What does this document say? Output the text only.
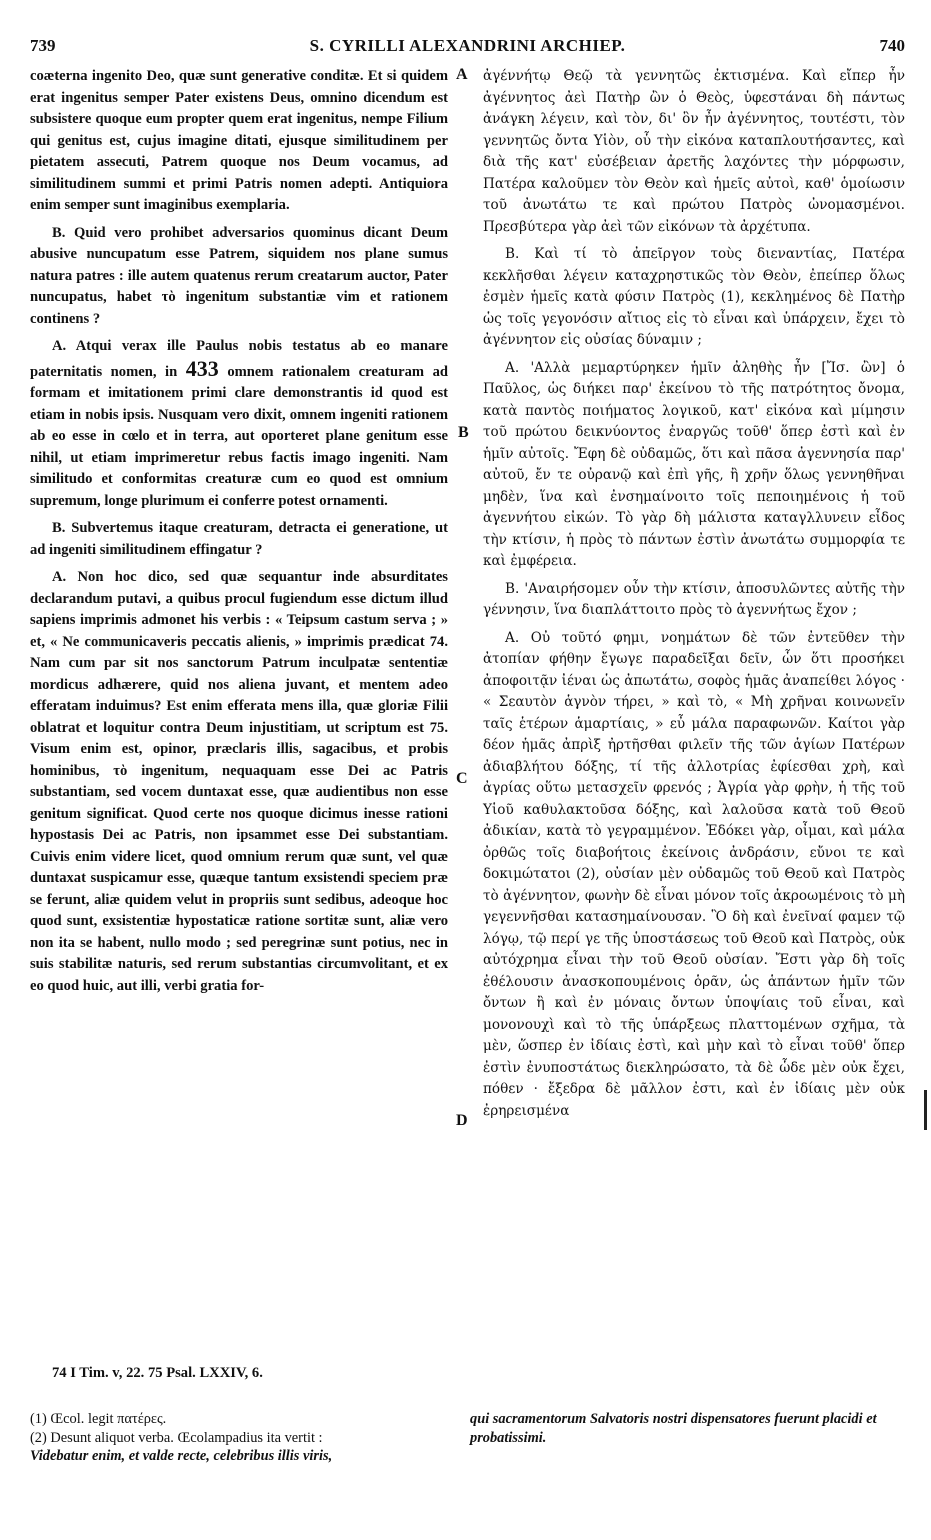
739	S. CYRILLI ALEXANDRINI ARCHIEP.	740

coæterna ingenito Deo, quæ sunt generative conditæ. Et si quidem erat ingenitus semper Pater existens Deus, omnino dicendum est subsistere quoque eum propter quem erat ingenitus, nempe Filium qui genitus est, cujus imagine ditati, ejusque similitudinem per pietatem assecuti, Patrem quoque nos Deum vocamus, ad similitudinem summi et primi Patris nomen adepti. Antiquiora enim semper sunt imaginibus exemplaria.

B. Quid vero prohibet adversarios quominus dicant Deum abusive nuncupatum esse Patrem, siquidem nos plane sumus natura patres : ille autem quatenus rerum creatarum auctor, Pater nuncupatus, habet τὸ ingenitum substantiæ vim et rationem continens ?

A. Atqui verax ille Paulus nobis testatus ab eo manare paternitatis nomen, in 433 omnem rationalem creaturam ad formam et imitationem primi clare demonstrantis id quod est etiam in nobis ipsis. Nusquam vero dixit, omnem ingeniti rationem ab eo esse in cœlo et in terra, aut oporteret plane genitum esse nihil, ut etiam imprimeretur rebus factis imago ingeniti. Nam similitudo et conformitas creaturæ cum eo quod est omnium supremum, longe plurimum ei conferre potest ornamenti.

B. Subvertemus itaque creaturam, detracta ei generatione, ut ad ingeniti similitudinem effingatur ?

A. Non hoc dico, sed quæ sequantur inde absurditates declarandum putavi, a quibus procul fugiendum esse dictum illud sapiens imprimis admonet his verbis : « Teipsum castum serva ; » et, « Ne communicaveris peccatis alienis, » imprimis prædicat 74. Nam cum par sit nos sanctorum Patrum inculpatæ sententiæ mordicus adhærere, quid nos aliena juvant, et mentem adeo efferatam induimus? Est enim efferata mens illa, quæ gloriæ Filii oblatrat et loquitur contra Deum injustitiam, ut scriptum est 75. Visum enim est, opinor, præclaris illis, sagacibus, et probis hominibus, τὸ ingenitum, nequaquam esse Dei ac Patris substantiam, sed vocem duntaxat esse, quæ audientibus non esse genitum significat. Quod certe nos quoque dicimus inesse rationi hypostasis Dei ac Patris, non ipsammet esse Dei substantiam. Cuivis enim videre licet, quod omnium rerum quæ sunt, vel quæ duntaxat suspicamur esse, quæque tantum exsistendi speciem præ se ferunt, aliæ quidem velut in propriis sunt sedibus, adeoque hoc quod sunt, exsistentiæ hypostaticæ ratione sortitæ sunt, aliæ vero non ita se habent, nullo modo ; sed peregrinæ sunt potius, nec in suis stabilitæ naturis, sed rerum substantias circumvolitant, et ex eo quod huic, aut illi, verbi gratia for-

A
B
C
D

ἀγέννήτῳ Θεῷ τὰ γεννητῶς ἐκτισμένα. Καὶ εἴπερ ἦν ἀγέννητος ἀεὶ Πατὴρ ὢν ὁ Θεὸς, ὑφεστάναι δὴ πάντως ἀνάγκη λέγειν, καὶ τὸν, δι' ὃν ἦν ἀγέννητος, τουτέστι, τὸν γεννητῶς ὄντα Υἱὸν, οὗ τὴν εἰκόνα καταπλουτήσαντες, καὶ διὰ τῆς κατ' εὐσέβειαν ἀρετῆς λαχόντες τὴν μόρφωσιν, Πατέρα καλοῦμεν τὸν Θεὸν καὶ ἡμεῖς αὐτοὶ, καθ' ὁμοίωσιν τοῦ ἀνωτάτω τε καὶ πρώτου Πατρὸς ὠνομασμένοι. Πρεσβύτερα γὰρ ἀεὶ τῶν εἰκόνων τὰ ἀρχέτυπα.

Β. Καὶ τί τὸ ἀπεῖργον τοὺς διεναντίας, Πατέρα κεκλῆσθαι λέγειν καταχρηστικῶς τὸν Θεὸν, ἐπείπερ ὅλως ἐσμὲν ἡμεῖς κατὰ φύσιν Πατρὸς (1), κεκλημένος δὲ Πατὴρ ὡς τοῖς γεγονόσιν αἴτιος εἰς τὸ εἶναι καὶ ὑπάρχειν, ἔχει τὸ ἀγέννητον εἰς οὐσίας δύναμιν ;

Α. 'Αλλὰ μεμαρτύρηκεν ἡμῖν ἀληθὴς ἦν [Ἴσ. ὢν] ὁ Παῦλος, ὡς διήκει παρ' ἐκείνου τὸ τῆς πατρότητος ὄνομα, κατὰ παντὸς ποιήματος λογικοῦ, κατ' εἰκόνα καὶ μίμησιν τοῦ πρώτου δεικνύοντος ἐναργῶς τοῦθ' ὅπερ ἐστὶ καὶ ἐν ἡμῖν αὐτοῖς. Ἔφη δὲ οὐδαμῶς, ὅτι καὶ πᾶσα ἀγεννησία παρ' αὐτοῦ, ἔν τε οὐρανῷ καὶ ἐπὶ γῆς, ἢ χρῆν ὅλως γεννηθῆναι μηδὲν, ἵνα καὶ ἐνσημαίνοιτο τοῖς πεποιημένοις ἡ τοῦ ἀγεννήτου εἰκών. Τὸ γὰρ δὴ μάλιστα καταγλλυνειν εἶδος τὴν κτίσιν, ἡ πρὸς τὸ πάντων ἐστὶν ἀνωτάτω συμμορφία τε καὶ ἐμφέρεια.

Β. 'Αναιρήσομεν οὖν τὴν κτίσιν, ἀποσυλῶντες αὐτῆς τὴν γέννησιν, ἵνα διαπλάττοιτο πρὸς τὸ ἀγεννήτως ἔχον ;

Α. Οὐ τοῦτό φημι, νοημάτων δὲ τῶν ἐντεῦθεν τὴν ἀτοπίαν φήθην ἔγωγε παραδεῖξαι δεῖν, ὧν ὅτι προσήκει ἀποφοιτᾷν ἰέναι ὡς ἀπωτάτω, σοφὸς ἡμᾶς ἀναπείθει λόγος · « Σεαυτὸν ἁγνὸν τήρει, » καὶ τὸ, « Μὴ χρῆναι κοινωνεῖν ταῖς ἑτέρων ἁμαρτίαις, » εὖ μάλα παραφωνῶν. Καίτοι γὰρ δέον ἡμᾶς ἀπρὶξ ἠρτῆσθαι φιλεῖν τῆς τῶν ἁγίων Πατέρων ἀδιαβλήτου δόξης, τί τῆς ἀλλοτρίας ἐφίεσθαι χρὴ, καὶ ἀγρίας οὕτω μετασχεῖν φρενός ; Ἀγρία γὰρ φρὴν, ἡ τῆς τοῦ Υἱοῦ καθυλακτοῦσα δόξης, καὶ λαλοῦσα κατὰ τοῦ Θεοῦ ἀδικίαν, κατὰ τὸ γεγραμμένον. Ἐδόκει γὰρ, οἶμαι, καὶ μάλα ὀρθῶς τοῖς διαβοήτοις ἐκείνοις ἀνδράσιν, εὔνοι τε καὶ δοκιμώτατοι (2), οὐσίαν μὲν οὐδαμῶς τοῦ Θεοῦ καὶ Πατρὸς τὸ ἀγέννητον, φωνὴν δὲ εἶναι μόνον τοῖς ἀκροωμένοις τὸ μὴ γεγεννῆσθαι κατασημαίνουσαν. Ὃ δὴ καὶ ἐνεῖναί φαμεν τῷ λόγῳ, τῷ περί γε τῆς ὑποστάσεως τοῦ Θεοῦ καὶ Πατρὸς, οὐκ αὐτόχρημα εἶναι τὴν τοῦ Θεοῦ οὐσίαν. Ἔστι γὰρ δὴ τοῖς ἐθέλουσιν ἀνασκοπουμένοις ὁρᾶν, ὡς ἁπάντων ἡμῖν τῶν ὄντων ἢ καὶ ἐν μόναις ὄντων ὑποψίαις τοῦ εἶναι, καὶ μονονουχὶ καὶ τὸ τῆς ὑπάρξεως πλαττομένων σχῆμα, τὰ μὲν, ὥσπερ ἐν ἰδίαις ἐστὶ, καὶ μὴν καὶ τὸ εἶναι τοῦθ' ὅπερ ἐστὶν ἐνυποστάτως διεκληρώσατο, τὰ δὲ ὧδε μὲν οὐκ ἔχει, πόθεν · ἔξεδρα δὲ μᾶλλον ἐστι, καὶ ἐν ἰδίαις μὲν οὐκ ἐρηρεισμένα

74 I Tim. v, 22. 75 Psal. LXXIV, 6.
(1) Œcol. legit πατέρες.
(2) Desunt aliquot verba. Œcolampadius ita vertit :
Videbatur enim, et valde recte, celebribus illis viris,
qui sacramentorum Salvatoris nostri dispensatores fuerunt placidi et probatissimi.
